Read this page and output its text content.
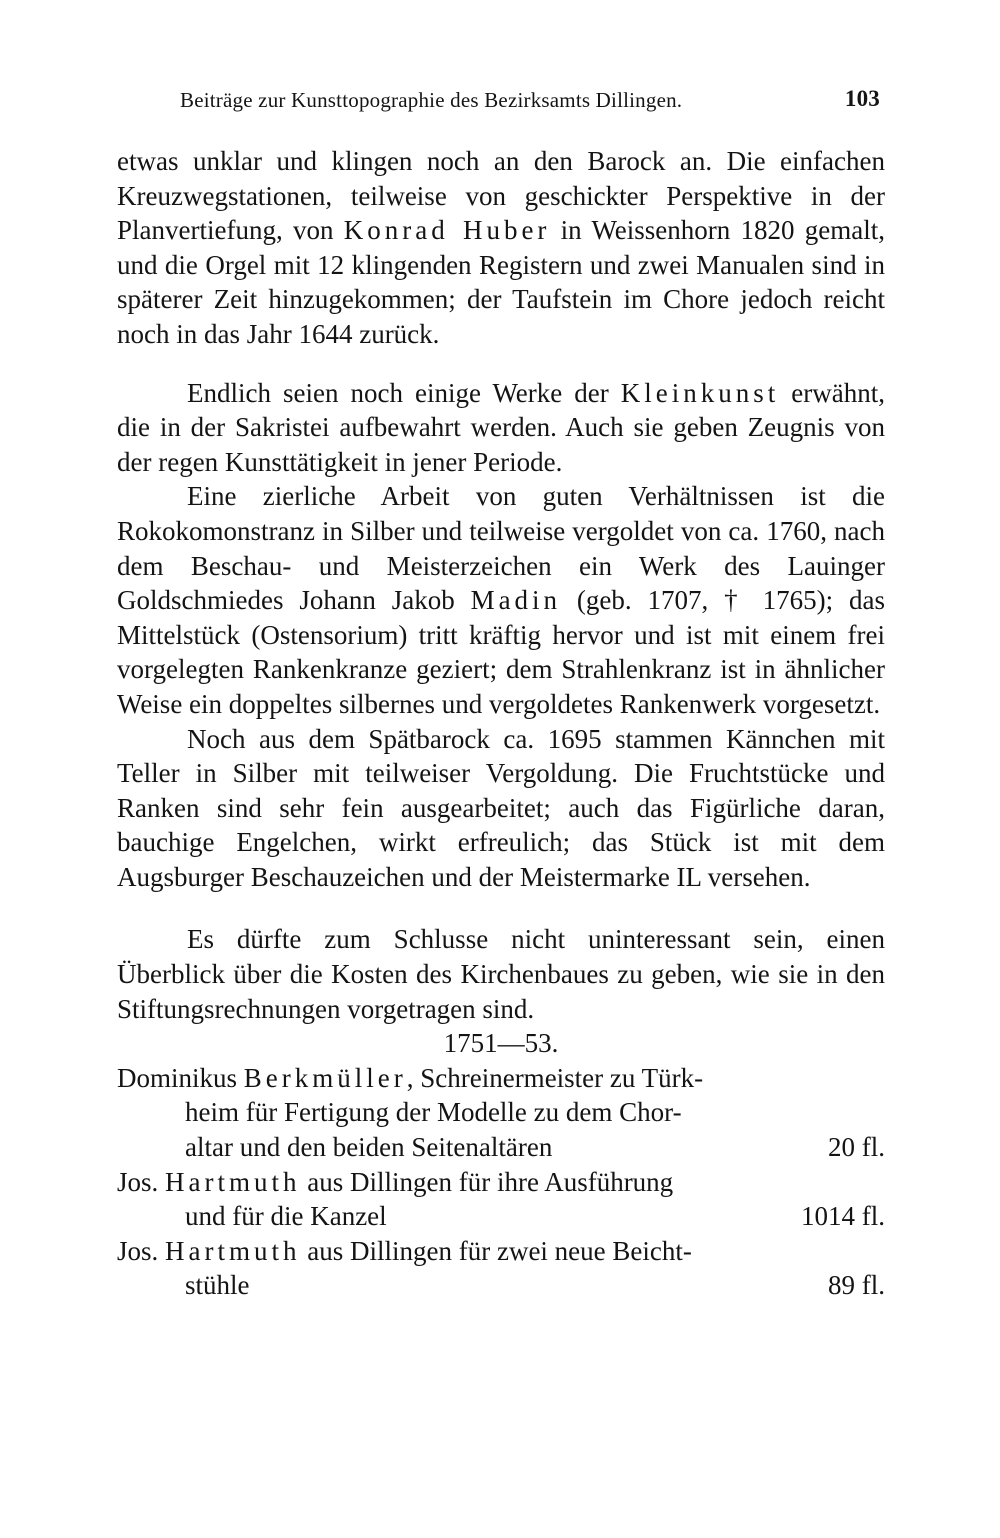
Beiträge zur Kunsttopographie des Bezirksamts Dillingen.	103

etwas unklar und klingen noch an den Barock an. Die einfachen Kreuzwegstationen, teilweise von geschickter Perspektive in der Planvertiefung, von Konrad Huber in Weissenhorn 1820 gemalt, und die Orgel mit 12 klingenden Registern und zwei Manualen sind in späterer Zeit hinzugekommen; der Taufstein im Chore jedoch reicht noch in das Jahr 1644 zurück.

Endlich seien noch einige Werke der Kleinkunst erwähnt, die in der Sakristei aufbewahrt werden. Auch sie geben Zeugnis von der regen Kunsttätigkeit in jener Periode.

Eine zierliche Arbeit von guten Verhältnissen ist die Rokokomonstranz in Silber und teilweise vergoldet von ca. 1760, nach dem Beschau- und Meisterzeichen ein Werk des Lauinger Goldschmiedes Johann Jakob Madin (geb. 1707, † 1765); das Mittelstück (Ostensorium) tritt kräftig hervor und ist mit einem frei vorgelegten Rankenkranze geziert; dem Strahlenkranz ist in ähnlicher Weise ein doppeltes silbernes und vergoldetes Rankenwerk vorgesetzt.

Noch aus dem Spätbarock ca. 1695 stammen Kännchen mit Teller in Silber mit teilweiser Vergoldung. Die Fruchtstücke und Ranken sind sehr fein ausgearbeitet; auch das Figürliche daran, bauchige Engelchen, wirkt erfreulich; das Stück ist mit dem Augsburger Beschauzeichen und der Meistermarke IL versehen.

Es dürfte zum Schlusse nicht uninteressant sein, einen Überblick über die Kosten des Kirchenbaues zu geben, wie sie in den Stiftungsrechnungen vorgetragen sind.

1751—53.

Dominikus Berkmüller, Schreinermeister zu Türk-
heim für Fertigung der Modelle zu dem Chor-
altar und den beiden Seitenaltären	20 fl.
Jos. Hartmuth aus Dillingen für ihre Ausführung
und für die Kanzel	1014 fl.
Jos. Hartmuth aus Dillingen für zwei neue Beicht-
stühle	89 fl.
